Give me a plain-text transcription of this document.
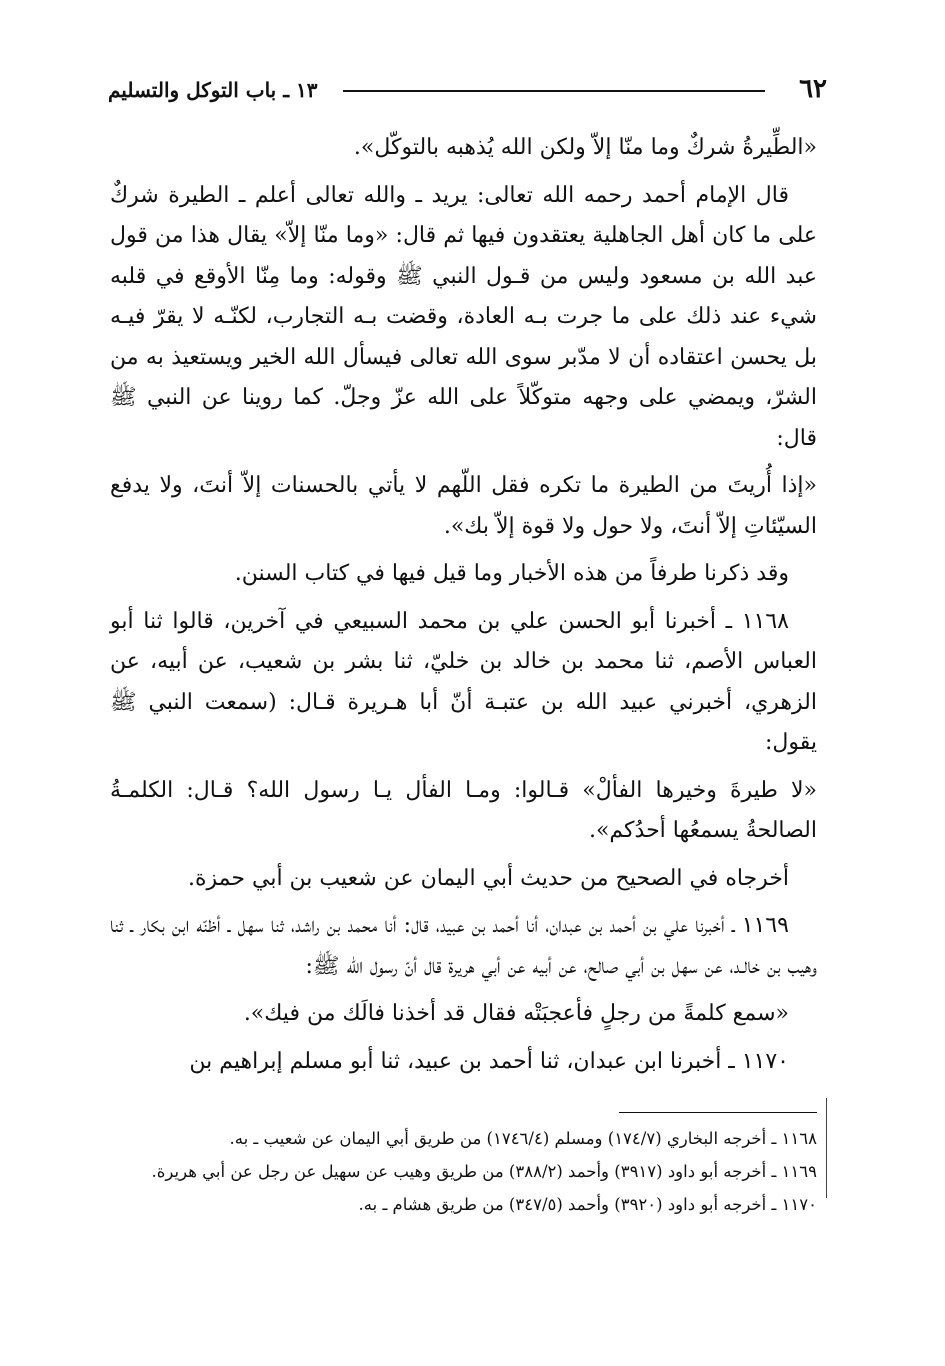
٦٢
١٣ ـ باب التوكل والتسليم

«الطِّيرةُ شركٌ وما منّا إلاّ ولكن الله يُذهبه بالتوكّل».

قال الإمام أحمد رحمه الله تعالى: يريد ـ والله تعالى أعلم ـ الطيرة شركٌ على ما كان أهل الجاهلية يعتقدون فيها ثم قال: «وما منّا إلاّ» يقال هذا من قول عبد الله بن مسعود وليس من قـول النبي ﷺ وقوله: وما مِنّا الأوقع في قلبه شيء عند ذلك على ما جرت بـه العادة، وقضت بـه التجارب، لكنّـه لا يقرّ فيـه بل يحسن اعتقاده أن لا مدّبر سوى الله تعالى فيسأل الله الخير ويستعيذ به من الشرّ، ويمضي على وجهه متوكّلاً على الله عزّ وجلّ. كما روينا عن النبي ﷺ قال:

«إذا أُريتَ من الطيرة ما تكره فقل اللّهم لا يأتي بالحسنات إلاّ أنتَ، ولا يدفع السيّئاتِ إلاّ أنتَ، ولا حول ولا قوة إلاّ بك».

وقد ذكرنا طرفاً من هذه الأخبار وما قيل فيها في كتاب السنن.

١١٦٨ ـ أخبرنا أبو الحسن علي بن محمد السبيعي في آخرين، قالوا ثنا أبو العباس الأصم، ثنا محمد بن خالد بن خليّ، ثنا بشر بن شعيب، عن أبيه، عن الزهري، أخبرني عبيد الله بن عتبـة أنّ أبا هـريرة قـال: (سمعت النبي ﷺ يقول:

«لا طيرةَ وخيرها الفألْ» قـالوا: ومـا الفأل يـا رسول الله؟ قـال: الكلمـةُ الصالحةُ يسمعُها أحدُكم».

أخرجاه في الصحيح من حديث أبي اليمان عن شعيب بن أبي حمزة.

١١٦٩ ـ أخبرنا علي بن أحمد بن عبدان، أنا أحمد بن عبيد، قال: أنا محمد بن راشد، ثنا سهل ـ أظنّه ابن بكار ـ ثنا وهيب بن خالـد، عن سهل بن أبي صالح، عن أبيه عن أبي هريرة قال أنّ رسول الله ﷺ:

«سمع كلمةً من رجلٍ فأعجبَتْه فقال قد أخذنا فالَك من فيك».

١١٧٠ ـ أخبرنا ابن عبدان، ثنا أحمد بن عبيد، ثنا أبو مسلم إبراهيم بن

١١٦٨ ـ أخرجه البخاري (١٧٤/٧) ومسلم (١٧٤٦/٤) من طريق أبي اليمان عن شعيب ـ به.

١١٦٩ ـ أخرجه أبو داود (٣٩١٧) وأحمد (٣٨٨/٢) من طريق وهيب عن سهيل عن رجل عن أبي هريرة.

١١٧٠ ـ أخرجه أبو داود (٣٩٢٠) وأحمد (٣٤٧/٥) من طريق هشام ـ به.
